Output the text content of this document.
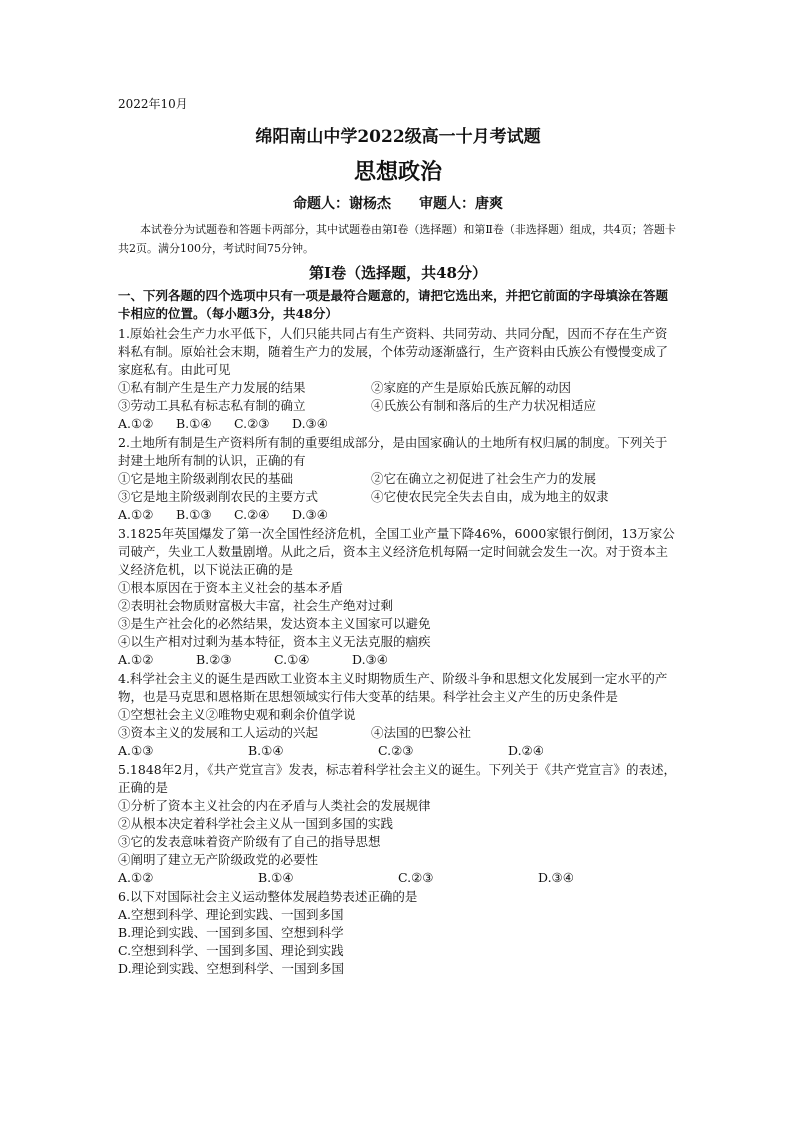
2022年10月
绵阳南山中学2022级高一十月考试题
思想政治
命题人：谢杨杰 审题人：唐爽

本试卷分为试题卷和答题卡两部分，其中试题卷由第Ⅰ卷（选择题）和第Ⅱ卷（非选择题）组成，共4页；答题卡共2页。满分100分，考试时间75分钟。

第Ⅰ卷（选择题，共48分）
一、下列各题的四个选项中只有一项是最符合题意的，请把它选出来，并把它前面的字母填涂在答题卡相应的位置。（每小题3分，共48分）

1.原始社会生产力水平低下，人们只能共同占有生产资料、共同劳动、共同分配，因而不存在生产资料私有制。原始社会末期，随着生产力的发展，个体劳动逐渐盛行，生产资料由氏族公有慢慢变成了家庭私有。由此可见

①私有制产生是生产力发展的结果	②家庭的产生是原始氏族瓦解的动因
③劳动工具私有标志私有制的确立	④氏族公有制和落后的生产力状况相适应
A.①②	B.①④	C.②③	D.③④

2.土地所有制是生产资料所有制的重要组成部分，是由国家确认的土地所有权归属的制度。下列关于封建土地所有制的认识，正确的有

①它是地主阶级剥削农民的基础	②它在确立之初促进了社会生产力的发展
③它是地主阶级剥削农民的主要方式	④它使农民完全失去自由，成为地主的奴隶
A.①②	B.①③	C.②④	D.③④

3.1825年英国爆发了第一次全国性经济危机，全国工业产量下降46%，6000家银行倒闭，13万家公司破产，失业工人数量剧增。从此之后，资本主义经济危机每隔一定时间就会发生一次。对于资本主义经济危机，以下说法正确的是

①根本原因在于资本主义社会的基本矛盾

②表明社会物质财富极大丰富，社会生产绝对过剩

③是生产社会化的必然结果，发达资本主义国家可以避免

④以生产相对过剩为基本特征，资本主义无法克服的痼疾

A.①②	B.②③	C.①④	D.③④

4.科学社会主义的诞生是西欧工业资本主义时期物质生产、阶级斗争和思想文化发展到一定水平的产物，也是马克思和恩格斯在思想领域实行伟大变革的结果。科学社会主义产生的历史条件是

①空想社会主义②唯物史观和剩余价值学说

③资本主义的发展和工人运动的兴起	④法国的巴黎公社
A.①③	B.①④	C.②③	D.②④

5.1848年2月，《共产党宣言》发表，标志着科学社会主义的诞生。下列关于《共产党宣言》的表述，正确的是

①分析了资本主义社会的内在矛盾与人类社会的发展规律

②从根本决定着科学社会主义从一国到多国的实践

③它的发表意味着资产阶级有了自己的指导思想

④阐明了建立无产阶级政党的必要性

A.①②	B.①④	C.②③	D.③④

6.以下对国际社会主义运动整体发展趋势表述正确的是

A.空想到科学、理论到实践、一国到多国

B.理论到实践、一国到多国、空想到科学

C.空想到科学、一国到多国、理论到实践

D.理论到实践、空想到科学、一国到多国
